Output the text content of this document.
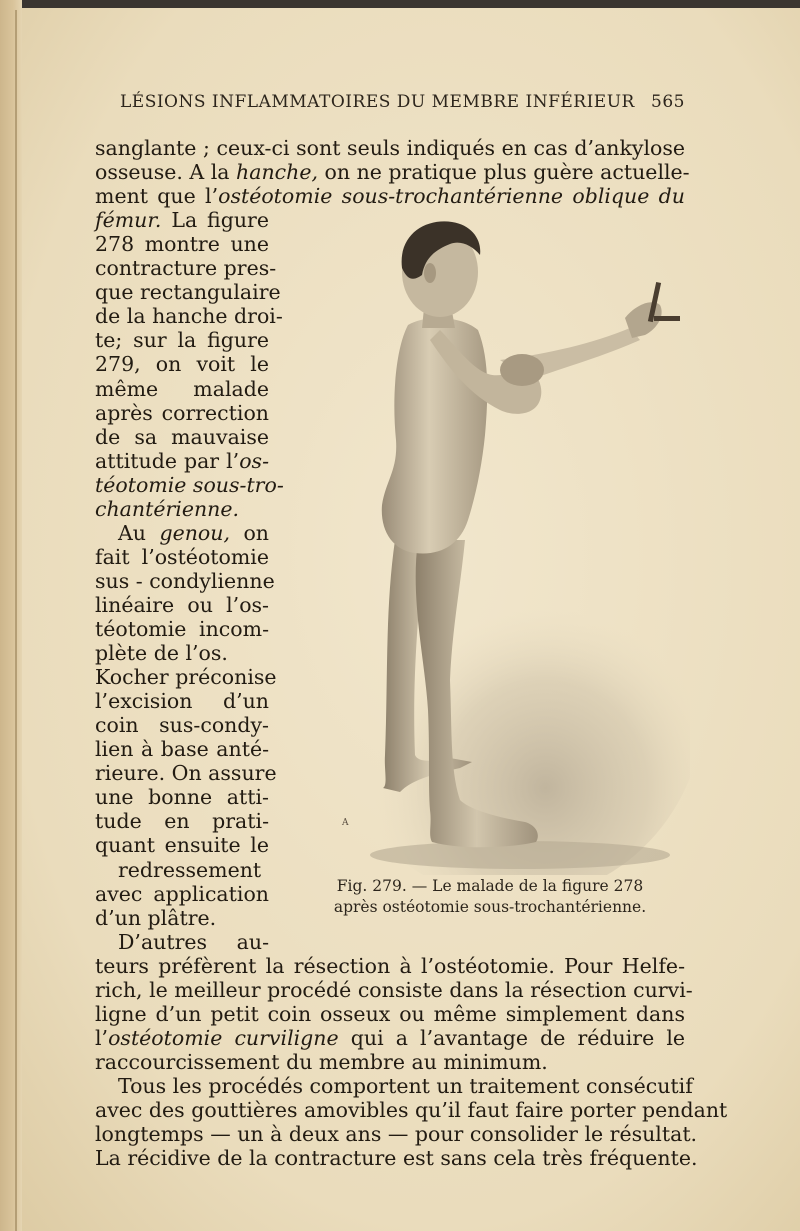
LÉSIONS INFLAMMATOIRES DU MEMBRE INFÉRIEUR 565
sanglante ; ceux-ci sont seuls indiqués en cas d’ankylose
osseuse. A la hanche, on ne pratique plus guère actuelle-
ment que l’ostéotomie sous-trochantérienne oblique du
fémur. La figure
278 montre une
contracture pres-
que rectangulaire
de la hanche droi-
te; sur la figure
279, on voit le
même malade
après correction
de sa mauvaise
attitude par l’os-
téotomie sous-tro-
chantérienne.
Au genou, on
fait l’ostéotomie
sus - condylienne
linéaire ou l’os-
téotomie incom-
plète de l’os.
Kocher préconise
l’excision d’un
coin sus-condy-
lien à base anté-
rieure. On assure
une bonne atti-
tude en prati-
quant ensuite le
redressement
avec application
d’un plâtre.
D’autres au-
teurs préfèrent la résection à l’ostéotomie. Pour Helfe-
rich, le meilleur procédé consiste dans la résection curvi-
ligne d’un petit coin osseux ou même simplement dans
l’ostéotomie curviligne qui a l’avantage de réduire le
raccourcissement du membre au minimum.
Tous les procédés comportent un traitement consécutif
avec des gouttières amovibles qu’il faut faire porter pendant
longtemps — un à deux ans — pour consolider le résultat.
La récidive de la contracture est sans cela très fréquente.
A
Fig. 279. — Le malade de la figure 278
après ostéotomie sous-trochantérienne.
